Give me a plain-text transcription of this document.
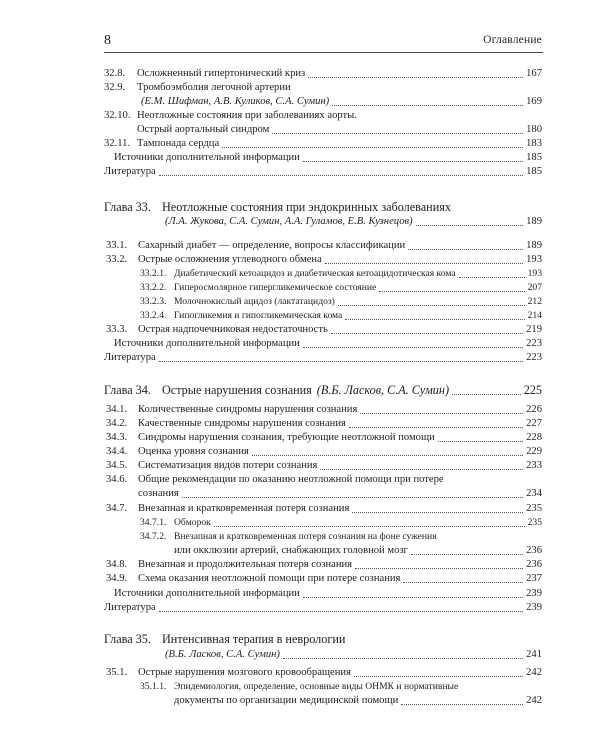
8	Оглавление
32.8. Осложненный гипертонический криз	167
32.9. Тромбоэмболия легочной артерии
(Е.М. Шифман, А.В. Куликов, С.А. Сумин)	169
32.10. Неотложные состояния при заболеваниях аорты.
Острый аортальный синдром	180
32.11. Тампонада сердца	183
Источники дополнительной информации	185
Литература	185
Глава 33. Неотложные состояния при эндокринных заболеваниях
(Л.А. Жукова, С.А. Сумин, А.А. Гуламов, Е.В. Кузнецов)	189
33.1. Сахарный диабет — определение, вопросы классификации	189
33.2. Острые осложнения углеводного обмена	193
33.2.1. Диабетический кетоацидоз и диабетическая кетоацидотическая кома	193
33.2.2. Гиперосмолярное гипергликемическое состояние	207
33.2.3. Молочнокислый ацидоз (лактатацидоз)	212
33.2.4. Гипогликемия и гипогликемическая кома	214
33.3. Острая надпочечниковая недостаточность	219
Источники дополнительной информации	223
Литература	223
Глава 34. Острые нарушения сознания (В.Б. Ласков, С.А. Сумин)	225
34.1. Количественные синдромы нарушения сознания	226
34.2. Качественные синдромы нарушения сознания	227
34.3. Синдромы нарушения сознания, требующие неотложной помощи	228
34.4. Оценка уровня сознания	229
34.5. Систематизация видов потери сознания	233
34.6. Общие рекомендации по оказанию неотложной помощи при потере
сознания	234
34.7. Внезапная и кратковременная потеря сознания	235
34.7.1. Обморок	235
34.7.2. Внезапная и кратковременная потеря сознания на фоне сужения
или окклюзии артерий, снабжающих головной мозг	236
34.8. Внезапная и продолжительная потеря сознания	236
34.9. Схема оказания неотложной помощи при потере сознания	237
Источники дополнительной информации	239
Литература	239
Глава 35. Интенсивная терапия в неврологии
(В.Б. Ласков, С.А. Сумин)	241
35.1. Острые нарушения мозгового кровообращения	242
35.1.1. Эпидемиология, определение, основные виды ОНМК и нормативные
документы по организации медицинской помощи	242
